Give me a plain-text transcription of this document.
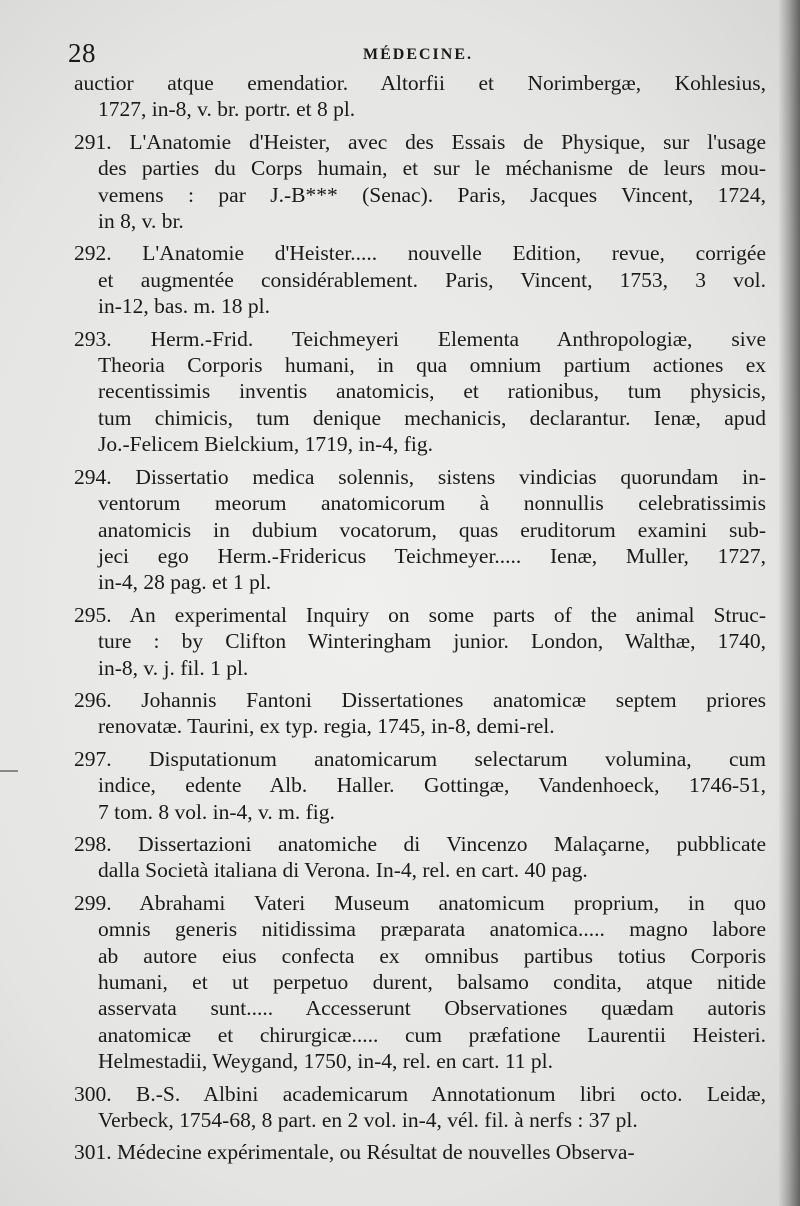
28	MÉDECINE.
auctior atque emendatior. Altorfii et Norimbergæ, Kohlesius,
1727, in-8, v. br. portr. et 8 pl.
291. L'Anatomie d'Heister, avec des Essais de Physique, sur l'usage
des parties du Corps humain, et sur le méchanisme de leurs mou-
vemens : par J.-B*** (Senac). Paris, Jacques Vincent, 1724,
in 8, v. br.
292. L'Anatomie d'Heister..... nouvelle Edition, revue, corrigée
et augmentée considérablement. Paris, Vincent, 1753, 3 vol.
in-12, bas. m. 18 pl.
293. Herm.-Frid. Teichmeyeri Elementa Anthropologiæ, sive
Theoria Corporis humani, in qua omnium partium actiones ex
recentissimis inventis anatomicis, et rationibus, tum physicis,
tum chimicis, tum denique mechanicis, declarantur. Ienæ, apud
Jo.-Felicem Bielckium, 1719, in-4, fig.
294. Dissertatio medica solennis, sistens vindicias quorundam in-
ventorum meorum anatomicorum à nonnullis celebratissimis
anatomicis in dubium vocatorum, quas eruditorum examini sub-
jeci ego Herm.-Fridericus Teichmeyer..... Ienæ, Muller, 1727,
in-4, 28 pag. et 1 pl.
295. An experimental Inquiry on some parts of the animal Struc-
ture : by Clifton Winteringham junior. London, Walthæ, 1740,
in-8, v. j. fil. 1 pl.
296. Johannis Fantoni Dissertationes anatomicæ septem priores
renovatæ. Taurini, ex typ. regia, 1745, in-8, demi-rel.
297. Disputationum anatomicarum selectarum volumina, cum
indice, edente Alb. Haller. Gottingæ, Vandenhoeck, 1746-51,
7 tom. 8 vol. in-4, v. m. fig.
298. Dissertazioni anatomiche di Vincenzo Malaçarne, pubblicate
dalla Società italiana di Verona. In-4, rel. en cart. 40 pag.
299. Abrahami Vateri Museum anatomicum proprium, in quo
omnis generis nitidissima præparata anatomica..... magno labore
ab autore eius confecta ex omnibus partibus totius Corporis
humani, et ut perpetuo durent, balsamo condita, atque nitide
asservata sunt..... Accesserunt Observationes quædam autoris
anatomicæ et chirurgicæ..... cum præfatione Laurentii Heisteri.
Helmestadii, Weygand, 1750, in-4, rel. en cart. 11 pl.
300. B.-S. Albini academicarum Annotationum libri octo. Leidæ,
Verbeck, 1754-68, 8 part. en 2 vol. in-4, vél. fil. à nerfs : 37 pl.
301. Médecine expérimentale, ou Résultat de nouvelles Observa-
